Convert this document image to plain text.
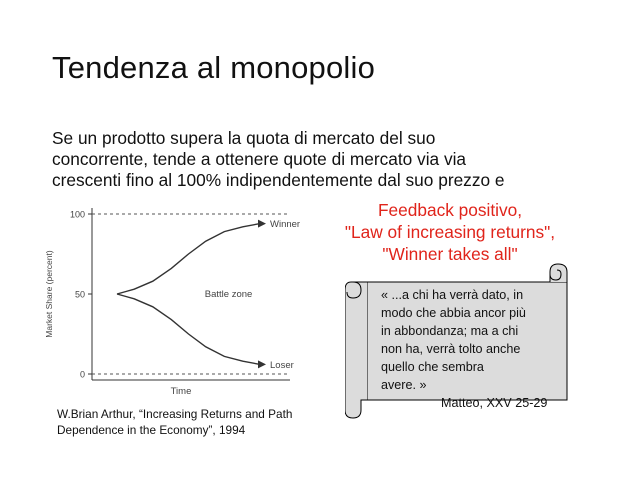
Tendenza al monopolio
Se un prodotto supera la quota di mercato del suo
concorrente, tende a ottenere quote di mercato via via
crescenti fino al 100% indipendentemente dal suo prezzo e
Feedback positivo,
"Law of increasing returns",
"Winner takes all"
100
50
0
Market Share (percent)
Time
Winner
Loser
Battle zone
W.Brian Arthur, “Increasing Returns and Path
Dependence in the Economy”, 1994
« ...a chi ha verrà dato, in
modo che abbia ancor più
in abbondanza; ma a chi
non ha, verrà tolto anche
quello che sembra
avere. »
Matteo, XXV 25-29
